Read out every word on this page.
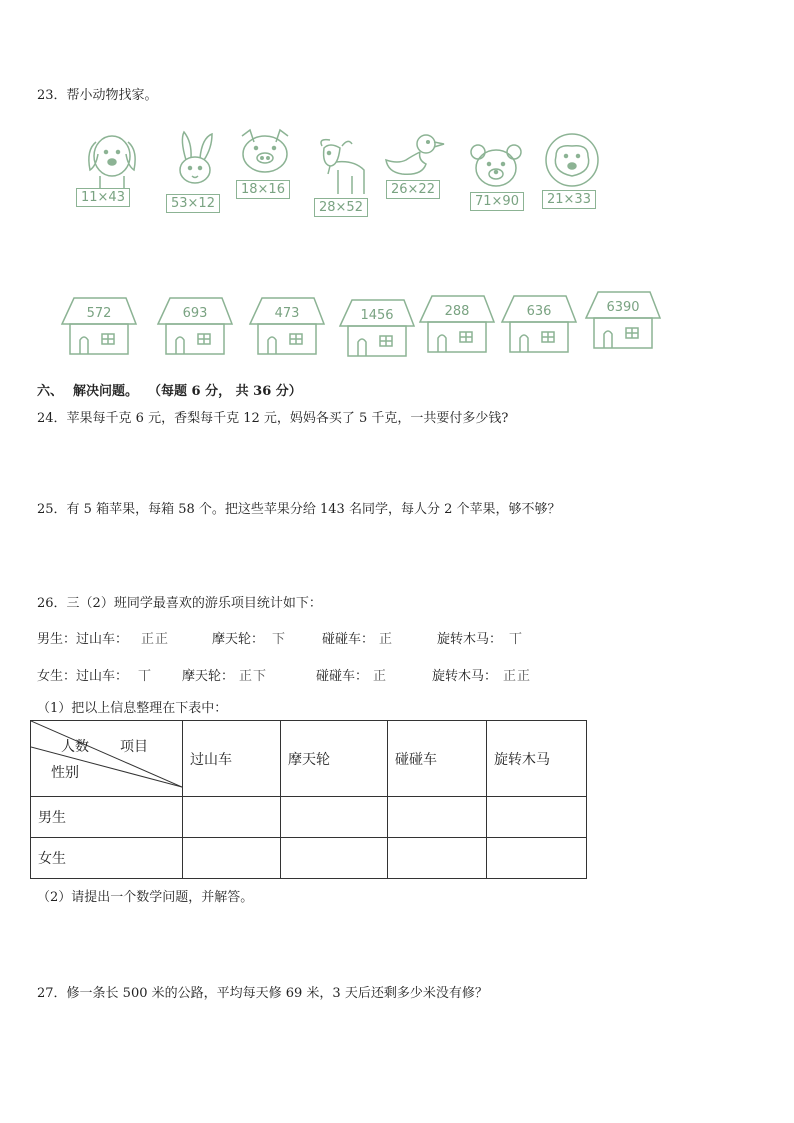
23．帮小动物找家。
11×43	53×12
18×16
28×52
26×22
71×90	21×33
572	693	473	1456	288	636	6390
六、 解决问题。 （每题 6 分， 共 36 分）
24．苹果每千克 6 元，香梨每千克 12 元，妈妈各买了 5 千克，一共要付多少钱?
25．有 5 箱苹果，每箱 58 个。把这些苹果分给 143 名同学，每人分 2 个苹果，够不够？
26．三（2）班同学最喜欢的游乐项目统计如下：
男生：过山车： 正正	摩天轮： 下	碰碰车： 正	旋转木马： 丅
女生：过山车： 丅 摩天轮： 正下	碰碰车： 正	旋转木马： 正正
（1）把以上信息整理在下表中：
人数 项目
性别	过山车	摩天轮	碰碰车	旋转木马
男生				
女生				
（2）请提出一个数学问题，并解答。
27．修一条长 500 米的公路，平均每天修 69 米，3 天后还剩多少米没有修？
